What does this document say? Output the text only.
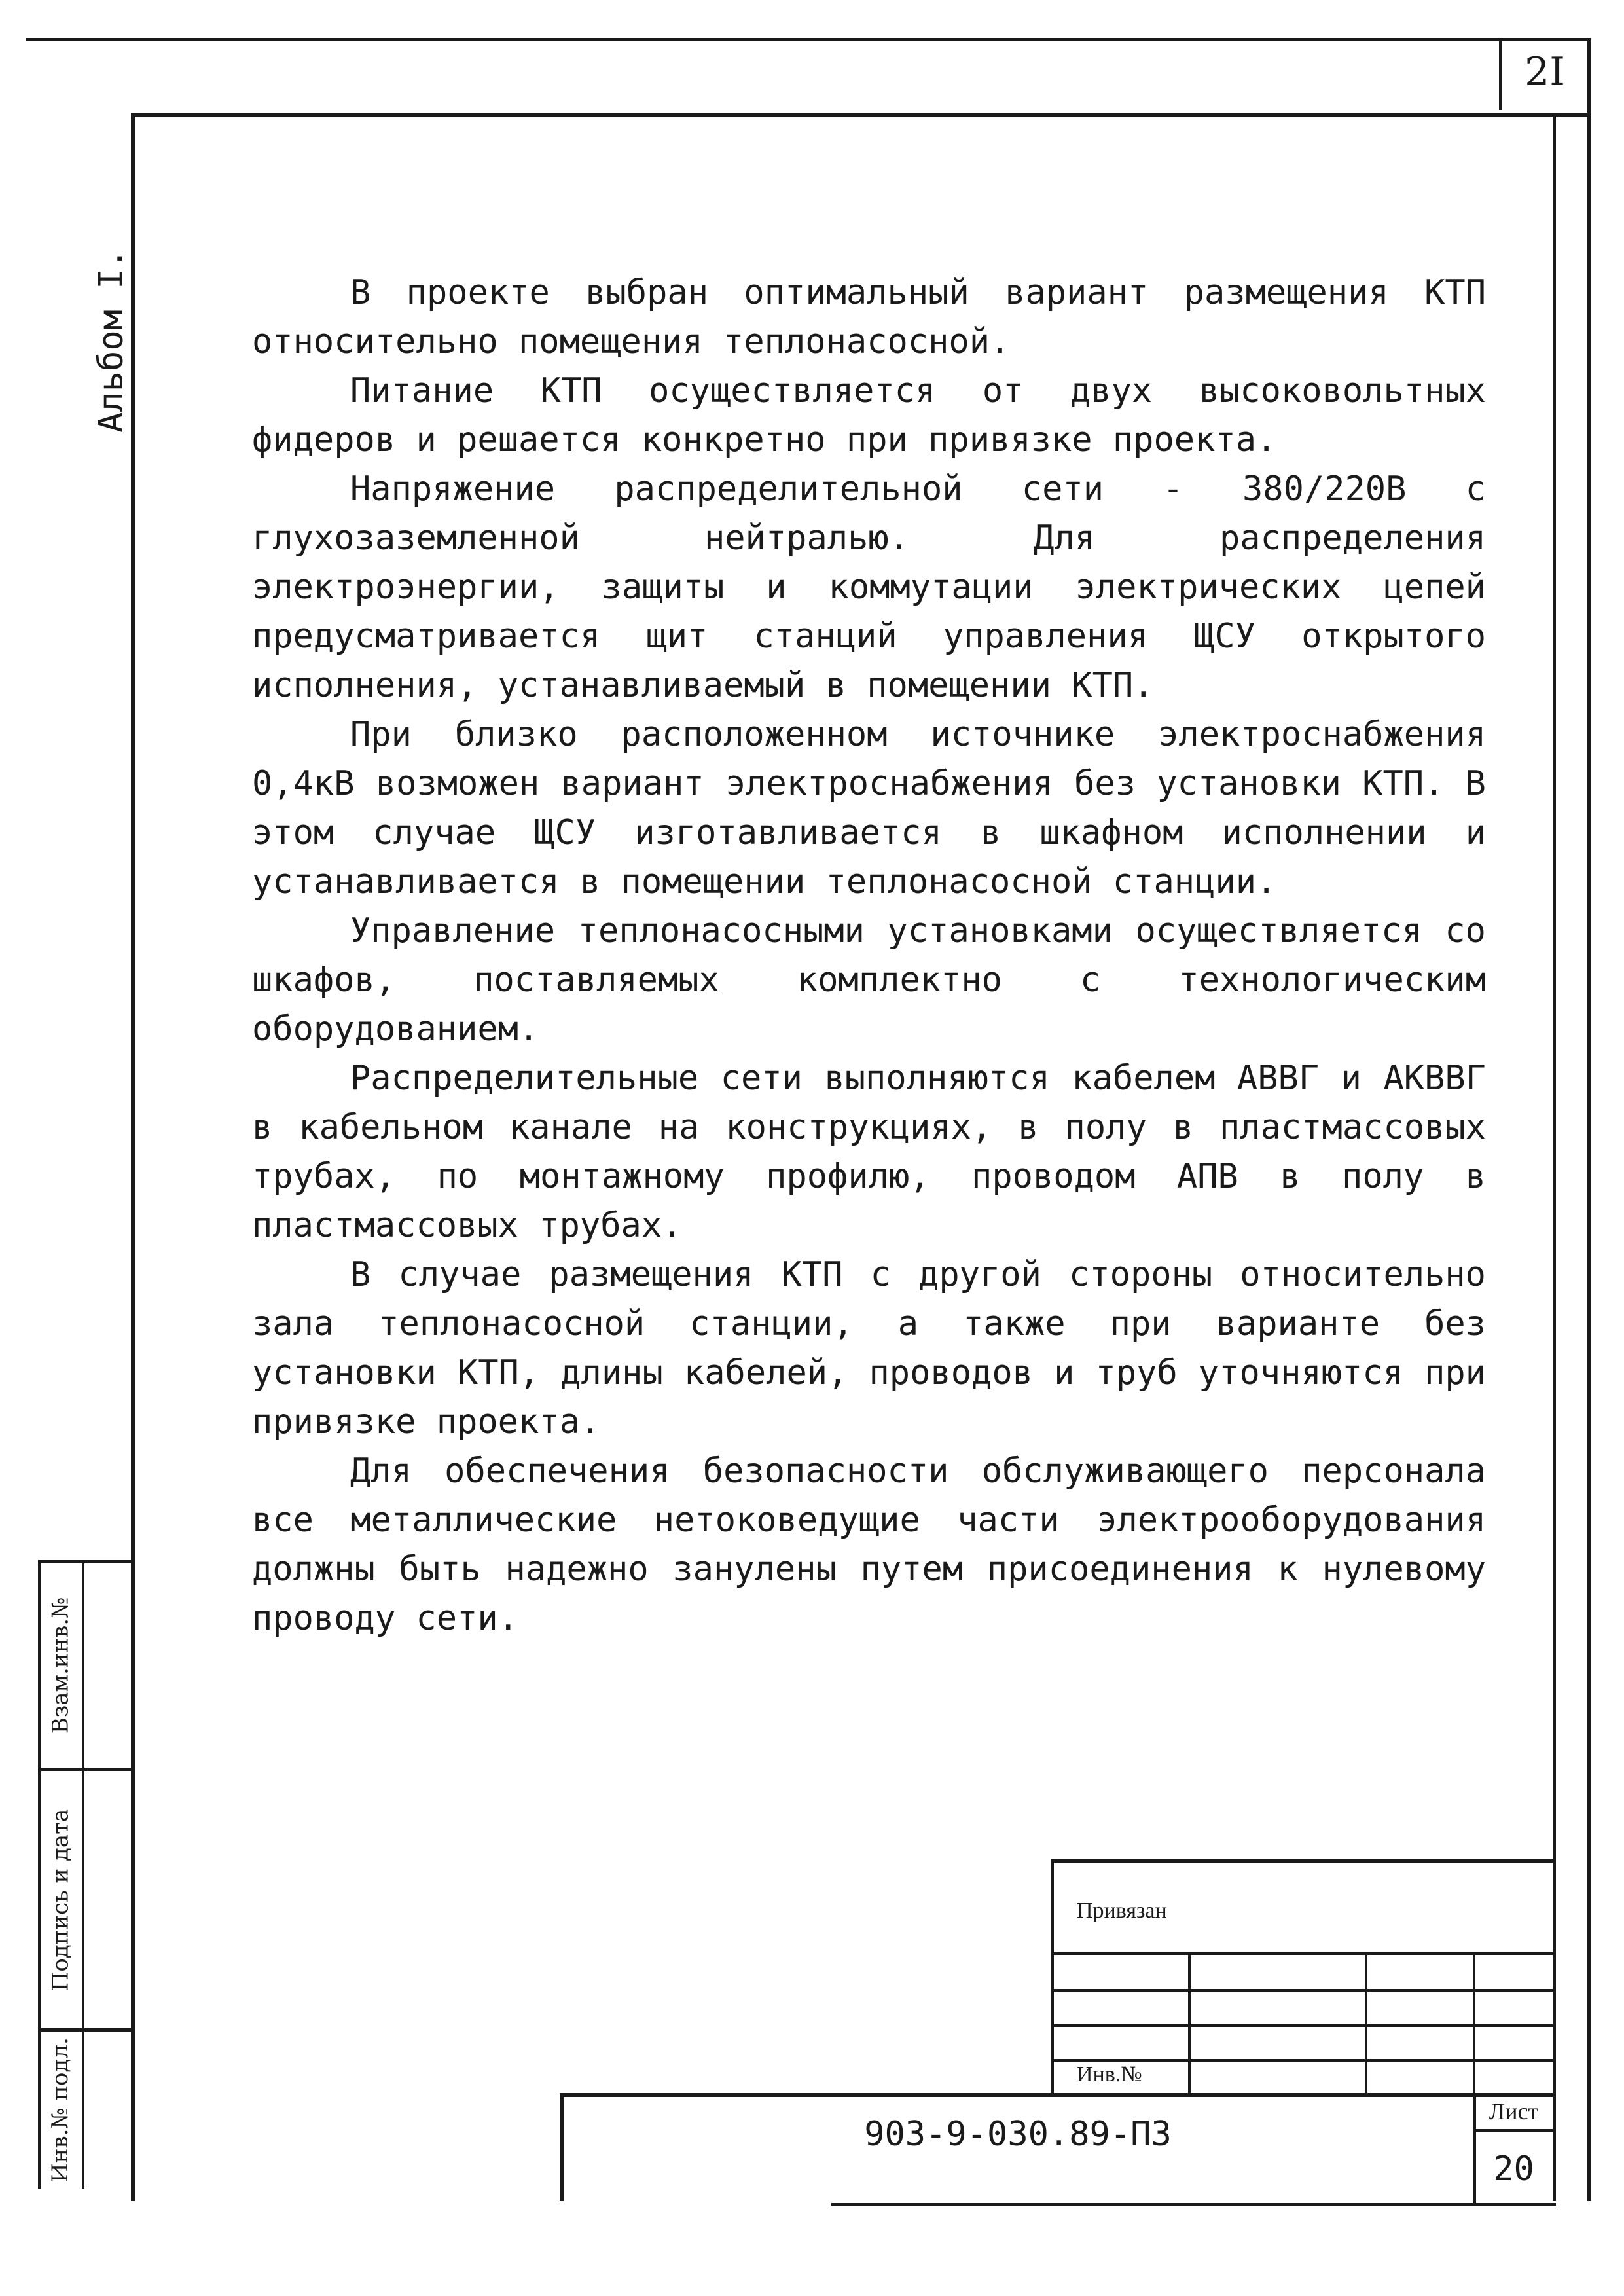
2I
Альбом I.
Взам.инв.№
Подпись и дата
Инв.№ подл.

В проекте выбран оптимальный вариант размещения КТП относительно помещения теплонасосной.

Питание КТП осуществляется от двух высоковольтных фидеров и решается конкретно при привязке проекта.

Напряжение распределительной сети - 380/220В с глухозаземленной нейтралью. Для распределения электроэнергии, защиты и коммутации электрических цепей предусматривается щит станций управления ЩСУ открытого исполнения, устанавливаемый в помещении КТП.

При близко расположенном источнике электроснабжения 0,4кВ возможен вариант электроснабжения без установки КТП. В этом случае ЩСУ изготавливается в шкафном исполнении и устанавливается в помещении теплонасосной станции.

Управление теплонасосными установками осуществляется со шкафов, поставляемых комплектно с технологическим оборудованием.

Распределительные сети выполняются кабелем АВВГ и АКВВГ в кабельном канале на конструкциях, в полу в пластмассовых трубах, по монтажному профилю, проводом АПВ в полу в пластмассовых трубах.

В случае размещения КТП с другой стороны относительно зала теплонасосной станции, а также при варианте без установки КТП, длины кабелей, проводов и труб уточняются при привязке проекта.

Для обеспечения безопасности обслуживающего персонала все металлические нетоковедущие части электрооборудования должны быть надежно занулены путем присоединения к нулевому проводу сети.

Привязан
Инв.№
903-9-030.89-ПЗ
Лист
20
